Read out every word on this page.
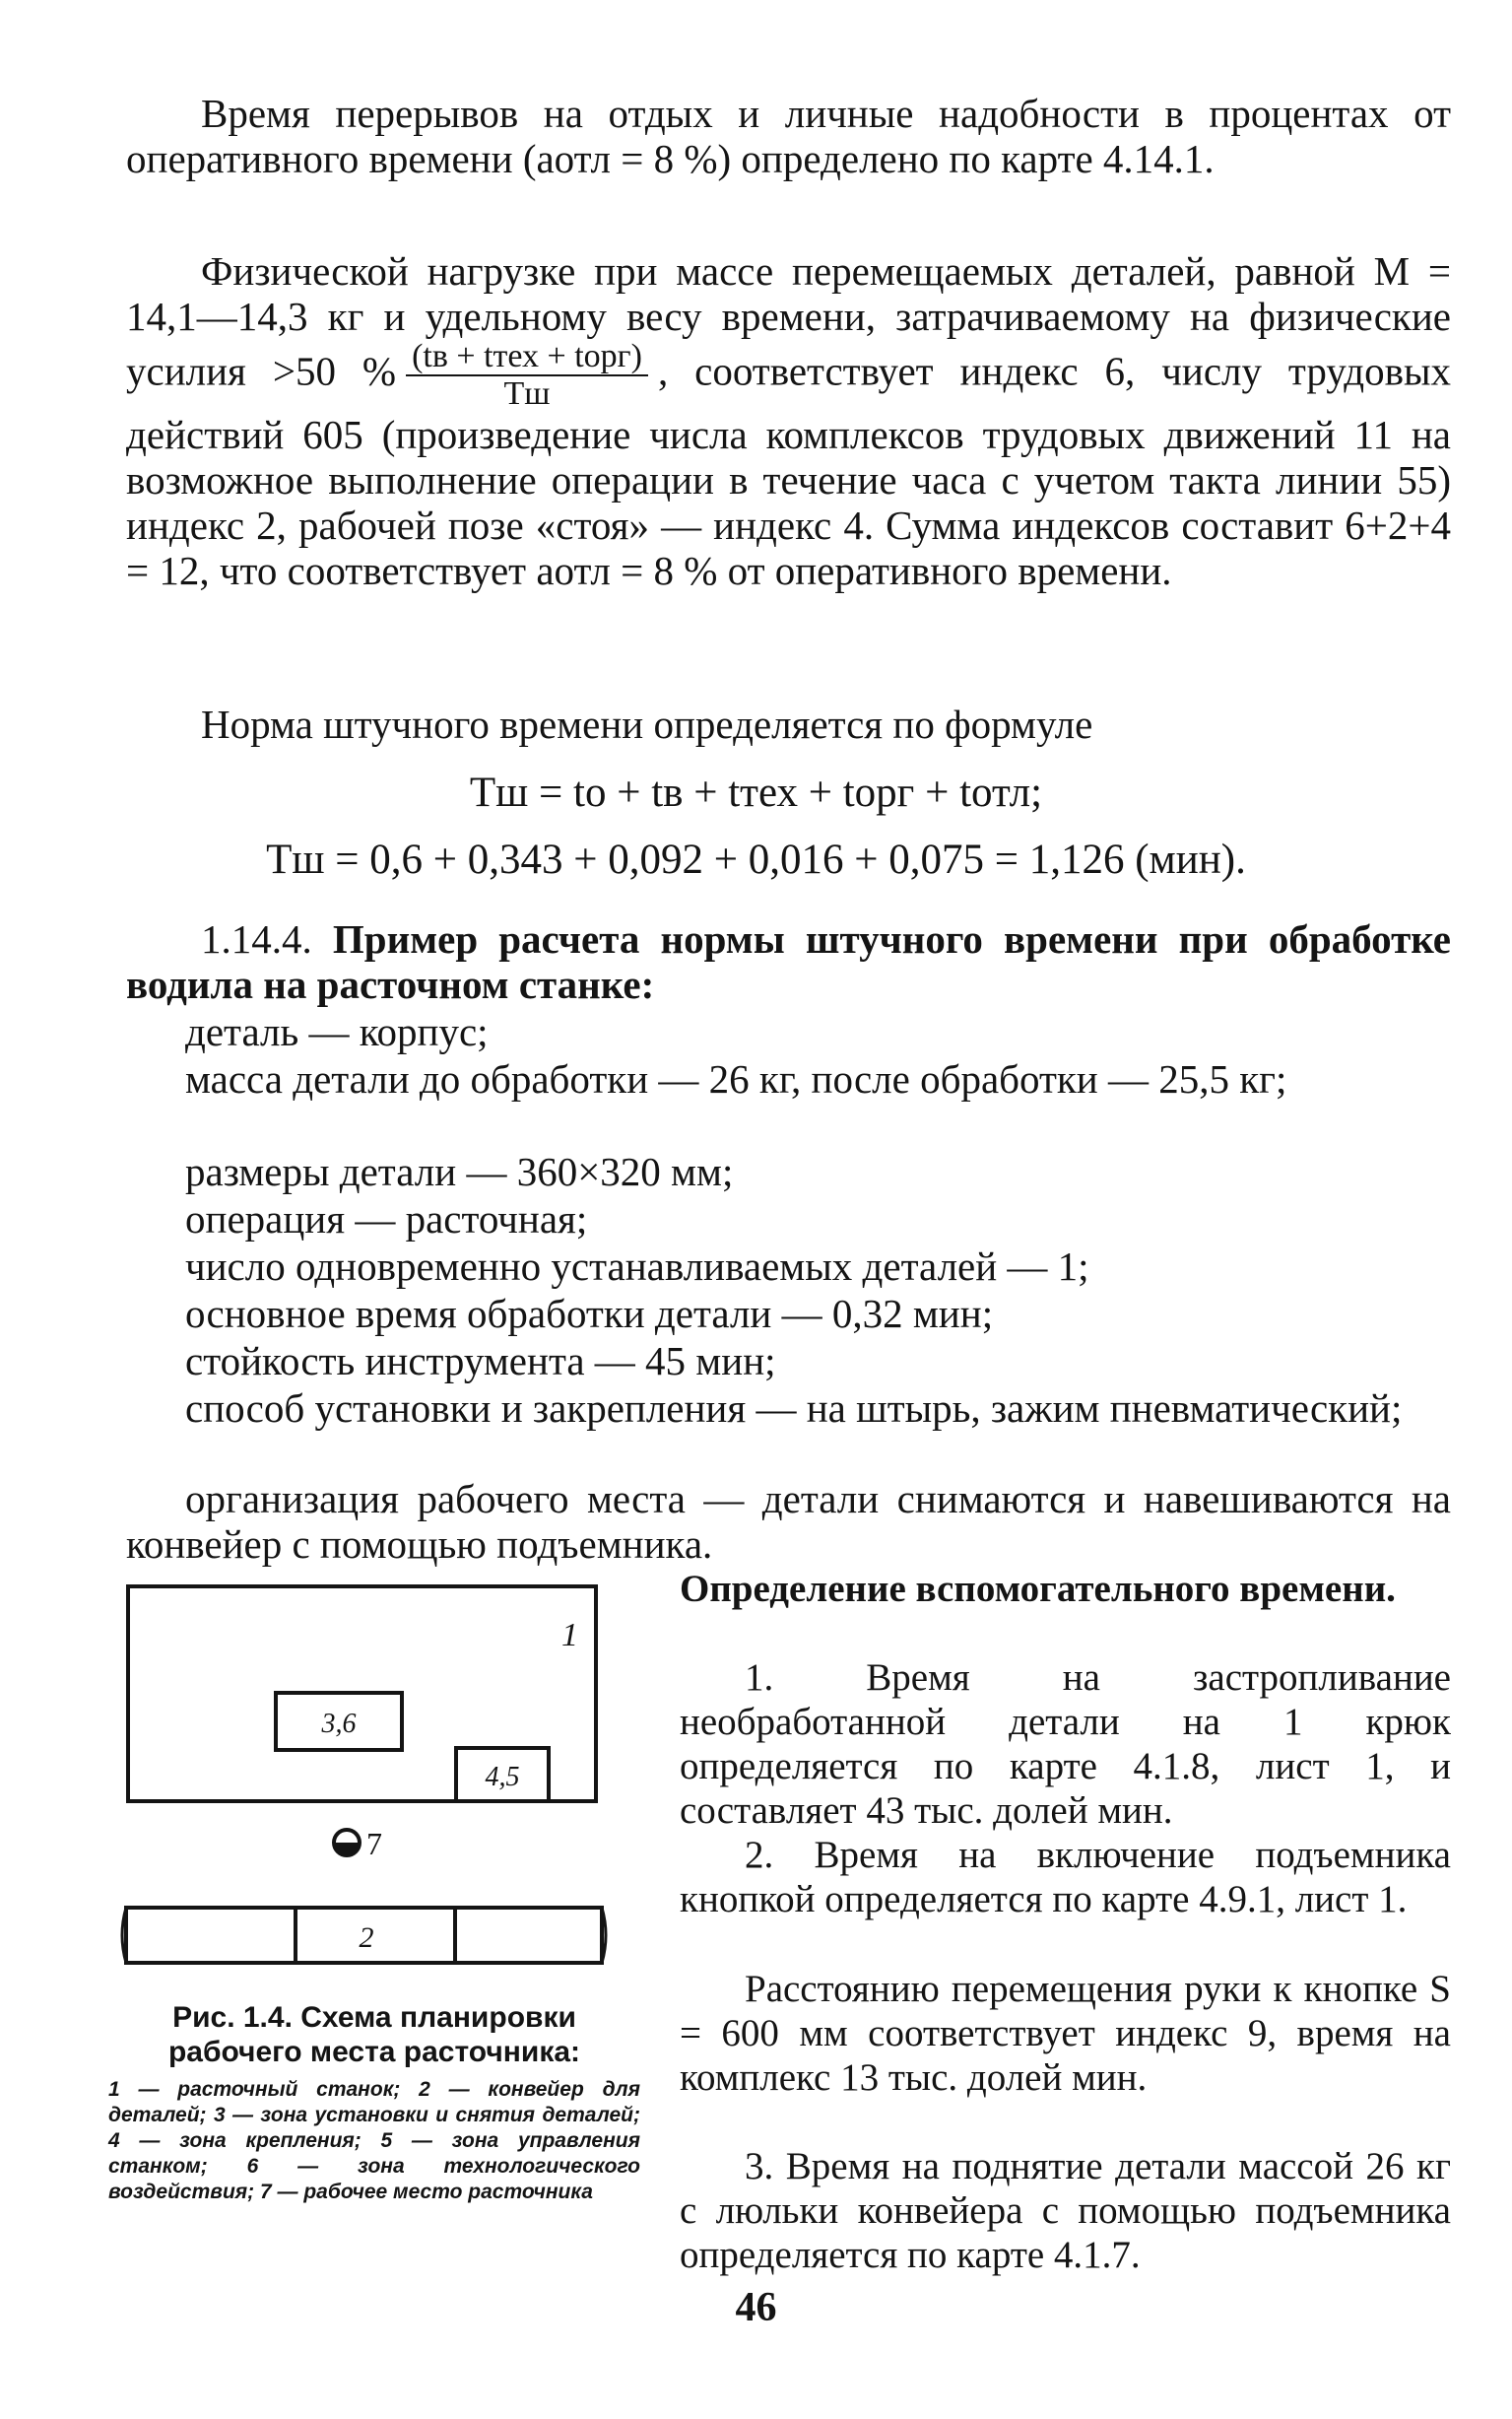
Время перерывов на отдых и личные надобности в процентах от оперативного времени (aотл = 8 %) определено по карте 4.14.1.

Физической нагрузке при массе перемещаемых деталей, равной M = 14,1—14,3 кг и удельному весу времени, затрачиваемому на физические усилия >50 % $\frac{\text{(tв + tтех + tорг)}}{Tш}$ , соответствует индекс 6, числу трудовых действий 605 (произведение числа комплексов трудовых движений 11 на возможное выполнение операции в течение часа с учетом такта линии 55) индекс 2, рабочей позе «стоя» — индекс 4. Сумма индексов составит 6+2+4 = 12, что соответствует aотл = 8 % от оперативного времени.

Норма штучного времени определяется по формуле

Tш = tо + tв + tтех + tорг + tотл;

Tш = 0,6 + 0,343 + 0,092 + 0,016 + 0,075 = 1,126 (мин).

1.14.4. Пример расчета нормы штучного времени при обработке водила на расточном станке:

деталь — корпус;

масса детали до обработки — 26 кг, после обработки — 25,5 кг;

размеры детали — 360×320 мм;

операция — расточная;

число одновременно устанавливаемых деталей — 1;

основное время обработки детали — 0,32 мин;

стойкость инструмента — 45 мин;

способ установки и закрепления — на штырь, зажим пневматический;

организация рабочего места — детали снимаются и навешиваются на конвейер с помощью подъемника.

Определение вспомогательного времени.

1. Время на застропливание необработанной детали на 1 крюк определяется по карте 4.1.8, лист 1, и составляет 43 тыс. долей мин.

2. Время на включение подъемника кнопкой определяется по карте 4.9.1, лист 1.

Расстоянию перемещения руки к кнопке S = 600 мм соответствует индекс 9, время на комплекс 13 тыс. долей мин.

3. Время на поднятие детали массой 26 кг с люльки конвейера с помощью подъемника определяется по карте 4.1.7.

1
3,6
4,5
7
2

Рис. 1.4. Схема планировки рабочего места расточника:

1 — расточный станок; 2 — конвейер для деталей; 3 — зона установки и снятия деталей; 4 — зона крепления; 5 — зона управления станком; 6 — зона технологического воздействия; 7 — рабочее место расточника

46
